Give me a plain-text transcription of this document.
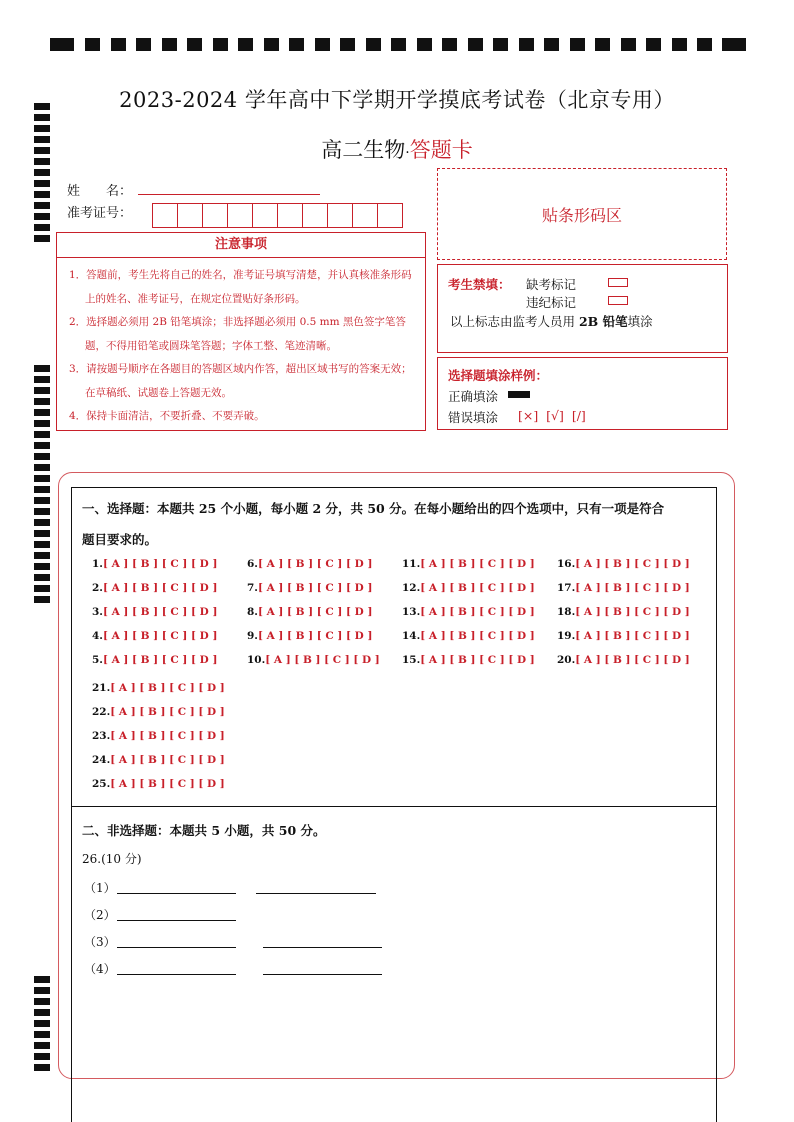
2023-2024 学年高中下学期开学摸底考试卷（北京专用）
高二生物·答题卡
姓　　名：
准考证号：	贴条形码区
注意事项
1．答题前，考生先将自己的姓名，准考证号填写清楚，并认真核准条形码上的姓名、准考证号，在规定位置贴好条形码。
2．选择题必须用 2B 铅笔填涂；非选择题必须用 0.5 mm 黑色签字笔答题，不得用铅笔或圆珠笔答题；字体工整、笔迹清晰。
3．请按题号顺序在各题目的答题区域内作答，超出区域书写的答案无效；在草稿纸、试题卷上答题无效。
4．保持卡面清洁，不要折叠、不要弄破。
考生禁填： 缺考标记
违纪标记
以上标志由监考人员用 2B 铅笔填涂
选择题填涂样例：
正确填涂
错误填涂 [×]  [√]  [/]
一、选择题：本题共 25 个小题，每小题 2 分，共 50 分。在每小题给出的四个选项中，只有一项是符合
题目要求的。
1.[ A ] [ B ] [ C ] [ D ]
2.[ A ] [ B ] [ C ] [ D ]
3.[ A ] [ B ] [ C ] [ D ]
4.[ A ] [ B ] [ C ] [ D ]
5.[ A ] [ B ] [ C ] [ D ]
6.[ A ] [ B ] [ C ] [ D ]
7.[ A ] [ B ] [ C ] [ D ]
8.[ A ] [ B ] [ C ] [ D ]
9.[ A ] [ B ] [ C ] [ D ]
10.[ A ] [ B ] [ C ] [ D ]
11.[ A ] [ B ] [ C ] [ D ]
12.[ A ] [ B ] [ C ] [ D ]
13.[ A ] [ B ] [ C ] [ D ]
14.[ A ] [ B ] [ C ] [ D ]
15.[ A ] [ B ] [ C ] [ D ]
16.[ A ] [ B ] [ C ] [ D ]
17.[ A ] [ B ] [ C ] [ D ]
18.[ A ] [ B ] [ C ] [ D ]
19.[ A ] [ B ] [ C ] [ D ]
20.[ A ] [ B ] [ C ] [ D ]
21.[ A ] [ B ] [ C ] [ D ]
22.[ A ] [ B ] [ C ] [ D ]
23.[ A ] [ B ] [ C ] [ D ]
24.[ A ] [ B ] [ C ] [ D ]
25.[ A ] [ B ] [ C ] [ D ]
二、非选择题：本题共 5 小题，共 50 分。
26.(10 分)
（1）
（2）
（3）
（4）
